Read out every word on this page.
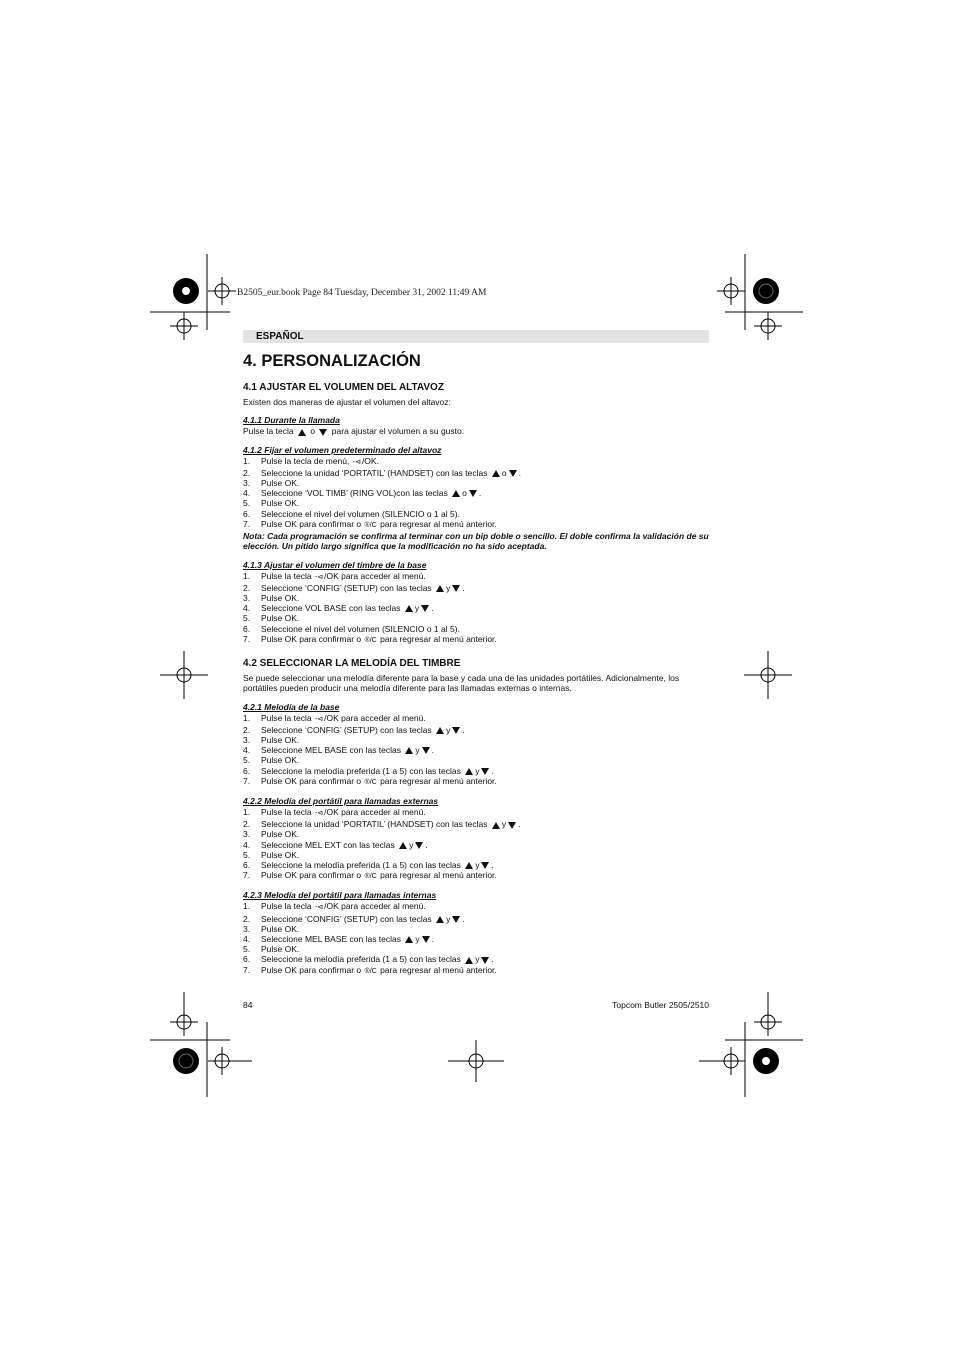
B2505_eur.book Page 84 Tuesday, December 31, 2002 11:49 AM
ESPAÑOL
4. PERSONALIZACIÓN
4.1 AJUSTAR EL VOLUMEN DEL ALTAVOZ

Existen dos maneras de ajustar el volumen del altavoz:

4.1.1 Durante la llamada

Pulse la tecla o para ajustar el volumen a su gusto.

4.1.2 Fijar el volumen predeterminado del altavoz
1. Pulse la tecla de menú, -⊲/OK.
2. Seleccione la unidad ‘PORTATIL’ (HANDSET) con las teclas o .
3. Pulse OK.
4. Seleccione ‘VOL TIMB’ (RING VOL)con las teclas o .
5. Pulse OK.
6. Seleccione el nivel del volumen (SILENCIO o 1 al 5).
7. Pulse OK para confirmar o ®/C para regresar al menú anterior.

Nota: Cada programación se confirma al terminar con un bip doble o sencillo. El doble confirma la validación de su elección. Un pitido largo significa que la modificación no ha sido aceptada.

4.1.3 Ajustar el volumen del timbre de la base
1. Pulse la tecla -⊲/OK para acceder al menú.
2. Seleccione ‘CONFIG’ (SETUP) con las teclas y .
3. Pulse OK.
4. Seleccione VOL BASE con las teclas y .
5. Pulse OK.
6. Seleccione el nivel del volumen (SILENCIO o 1 al 5).
7. Pulse OK para confirmar o ®/C para regresar al menú anterior.
4.2 SELECCIONAR LA MELODÍA DEL TIMBRE

Se puede seleccionar una melodía diferente para la base y cada una de las unidades portátiles. Adicionalmente, los portátiles pueden producir una melodía diferente para las llamadas externas o internas.

4.2.1 Melodía de la base
1. Pulse la tecla -⊲/OK para acceder al menú.
2. Seleccione ‘CONFIG’ (SETUP) con las teclas y .
3. Pulse OK.
4. Seleccione MEL BASE con las teclas y .
5. Pulse OK.
6. Seleccione la melodía preferida (1 a 5) con las teclas y .
7. Pulse OK para confirmar o ®/C para regresar al menú anterior.
4.2.2 Melodía del portátil para llamadas externas
1. Pulse la tecla -⊲/OK para acceder al menú.
2. Seleccione la unidad ‘PORTATIL’ (HANDSET) con las teclas y .
3. Pulse OK.
4. Seleccione MEL EXT con las teclas y .
5. Pulse OK.
6. Seleccione la melodía preferida (1 a 5) con las teclas y .
7. Pulse OK para confirmar o ®/C para regresar al menú anterior.
4.2.3 Melodía del portátil para llamadas internas
1. Pulse la tecla -⊲/OK para acceder al menú.
2. Seleccione ‘CONFIG’ (SETUP) con las teclas y .
3. Pulse OK.
4. Seleccione MEL BASE con las teclas y .
5. Pulse OK.
6. Seleccione la melodía preferida (1 a 5) con las teclas y .
7. Pulse OK para confirmar o ®/C para regresar al menú anterior.
84	Topcom Butler 2505/2510
